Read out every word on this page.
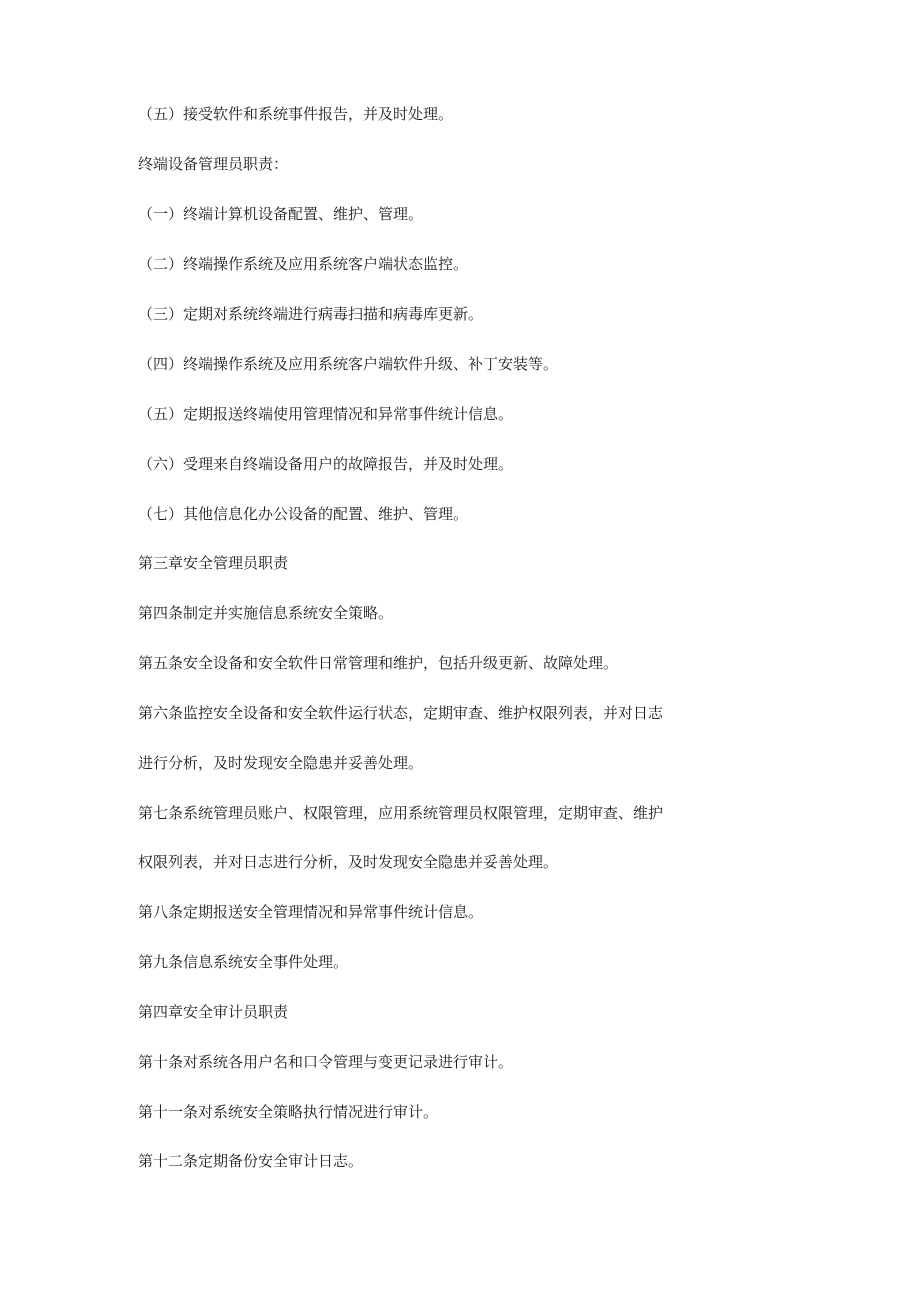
（五）接受软件和系统事件报告，并及时处理。
终端设备管理员职责：
（一）终端计算机设备配置、维护、管理。
（二）终端操作系统及应用系统客户端状态监控。
（三）定期对系统终端进行病毒扫描和病毒库更新。
（四）终端操作系统及应用系统客户端软件升级、补丁安装等。
（五）定期报送终端使用管理情况和异常事件统计信息。
（六）受理来自终端设备用户的故障报告，并及时处理。
（七）其他信息化办公设备的配置、维护、管理。
第三章安全管理员职责
第四条制定并实施信息系统安全策略。
第五条安全设备和安全软件日常管理和维护，包括升级更新、故障处理。
第六条监控安全设备和安全软件运行状态，定期审查、维护权限列表，并对日志
进行分析，及时发现安全隐患并妥善处理。
第七条系统管理员账户、权限管理，应用系统管理员权限管理，定期审查、维护
权限列表，并对日志进行分析，及时发现安全隐患并妥善处理。
第八条定期报送安全管理情况和异常事件统计信息。
第九条信息系统安全事件处理。
第四章安全审计员职责
第十条对系统各用户名和口令管理与变更记录进行审计。
第十一条对系统安全策略执行情况进行审计。
第十二条定期备份安全审计日志。
